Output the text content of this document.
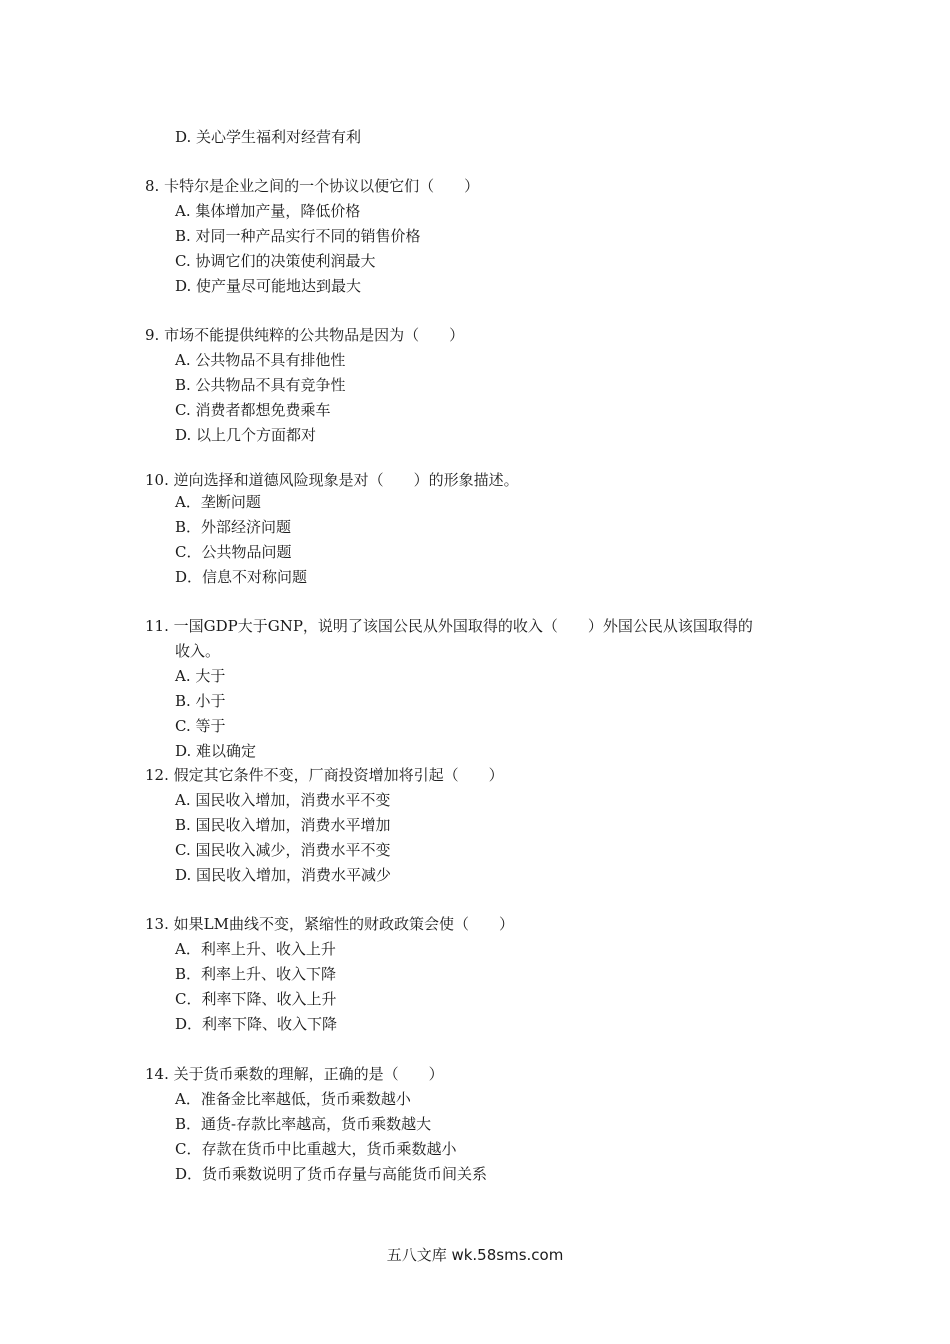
D. 关心学生福利对经营有利
8. 卡特尔是企业之间的一个协议以便它们（　　）
A. 集体增加产量，降低价格
B. 对同一种产品实行不同的销售价格
C. 协调它们的决策使利润最大
D. 使产量尽可能地达到最大
9. 市场不能提供纯粹的公共物品是因为（　　）
A. 公共物品不具有排他性
B. 公共物品不具有竞争性
C. 消费者都想免费乘车
D. 以上几个方面都对
10. 逆向选择和道德风险现象是对（　　）的形象描述。
A．垄断问题
B．外部经济问题
C．公共物品问题
D．信息不对称问题
11. 一国GDP大于GNP，说明了该国公民从外国取得的收入（　　）外国公民从该国取得的
收入。
A. 大于
B. 小于
C. 等于
D. 难以确定
12. 假定其它条件不变，厂商投资增加将引起（　　）
A. 国民收入增加，消费水平不变
B. 国民收入增加，消费水平增加
C. 国民收入减少，消费水平不变
D. 国民收入增加，消费水平减少
13. 如果LM曲线不变，紧缩性的财政政策会使（　　）
A．利率上升、收入上升
B．利率上升、收入下降
C．利率下降、收入上升
D．利率下降、收入下降
14. 关于货币乘数的理解，正确的是（　　）
A．准备金比率越低，货币乘数越小
B．通货-存款比率越高，货币乘数越大
C．存款在货币中比重越大，货币乘数越小
D．货币乘数说明了货币存量与高能货币间关系
五八文库 wk.58sms.com
